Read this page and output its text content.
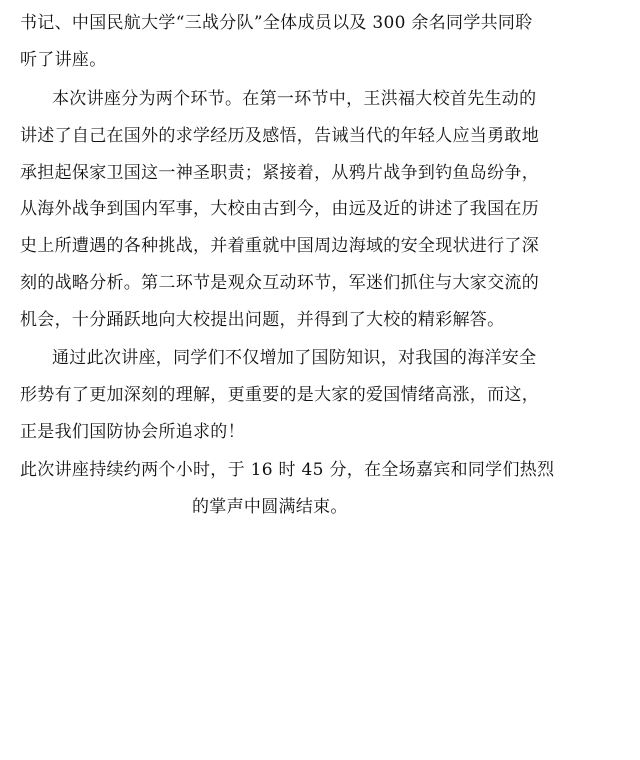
书记、中国民航大学“三战分队”全体成员以及 300 余名同学共同聆
听了讲座。
本次讲座分为两个环节。在第一环节中，王洪福大校首先生动的
讲述了自己在国外的求学经历及感悟，告诫当代的年轻人应当勇敢地
承担起保家卫国这一神圣职责；紧接着，从鸦片战争到钓鱼岛纷争，
从海外战争到国内军事，大校由古到今，由远及近的讲述了我国在历
史上所遭遇的各种挑战，并着重就中国周边海域的安全现状进行了深
刻的战略分析。第二环节是观众互动环节，军迷们抓住与大家交流的
机会，十分踊跃地向大校提出问题，并得到了大校的精彩解答。
通过此次讲座，同学们不仅增加了国防知识，对我国的海洋安全
形势有了更加深刻的理解，更重要的是大家的爱国情绪高涨，而这，
正是我们国防协会所追求的！
此次讲座持续约两个小时，于 16 时 45 分，在全场嘉宾和同学们热烈
的掌声中圆满结束。
